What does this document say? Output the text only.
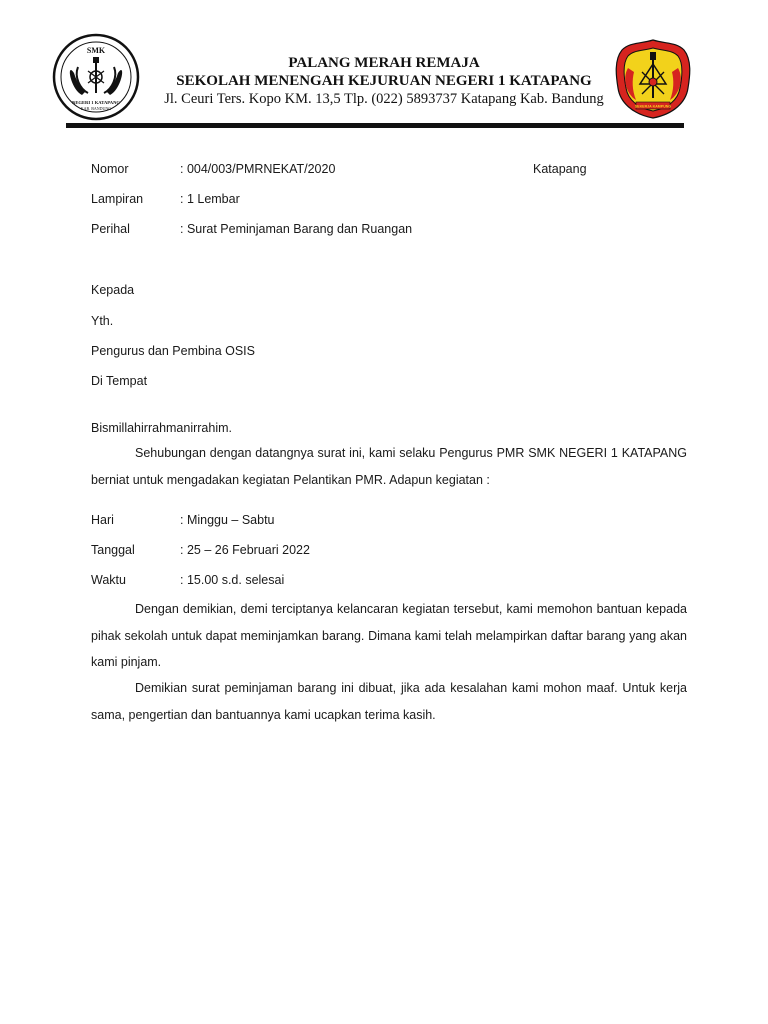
SMK
NEGERI 1 KATAPANG
KAB. BANDUNG
PALANG MERAH REMAJA
SEKOLAH MENENGAH KEJURUAN NEGERI 1 KATAPANG
Jl. Ceuri Ters. Kopo KM. 13,5 Tlp. (022) 5893737 Katapang Kab. Bandung	SEKERJA KAMPUNG
Nomor	: 004/003/PMRNEKAT/2020	Katapang
Lampiran	: 1 Lembar
Perihal	: Surat Peminjaman Barang dan Ruangan
Kepada
Yth.
Pengurus dan Pembina OSIS
Di Tempat
Bismillahirrahmanirrahim.
Sehubungan dengan datangnya surat ini, kami selaku Pengurus PMR SMK NEGERI 1 KATAPANG berniat untuk mengadakan kegiatan Pelantikan PMR. Adapun kegiatan :
Hari	: Minggu – Sabtu
Tanggal	: 25 – 26 Februari 2022
Waktu	: 15.00 s.d. selesai
Dengan demikian, demi terciptanya kelancaran kegiatan tersebut, kami memohon bantuan kepada pihak sekolah untuk dapat meminjamkan barang. Dimana kami telah melampirkan daftar barang yang akan kami pinjam.
Demikian surat peminjaman barang ini dibuat, jika ada kesalahan kami mohon maaf. Untuk kerja sama, pengertian dan bantuannya kami ucapkan terima kasih.
